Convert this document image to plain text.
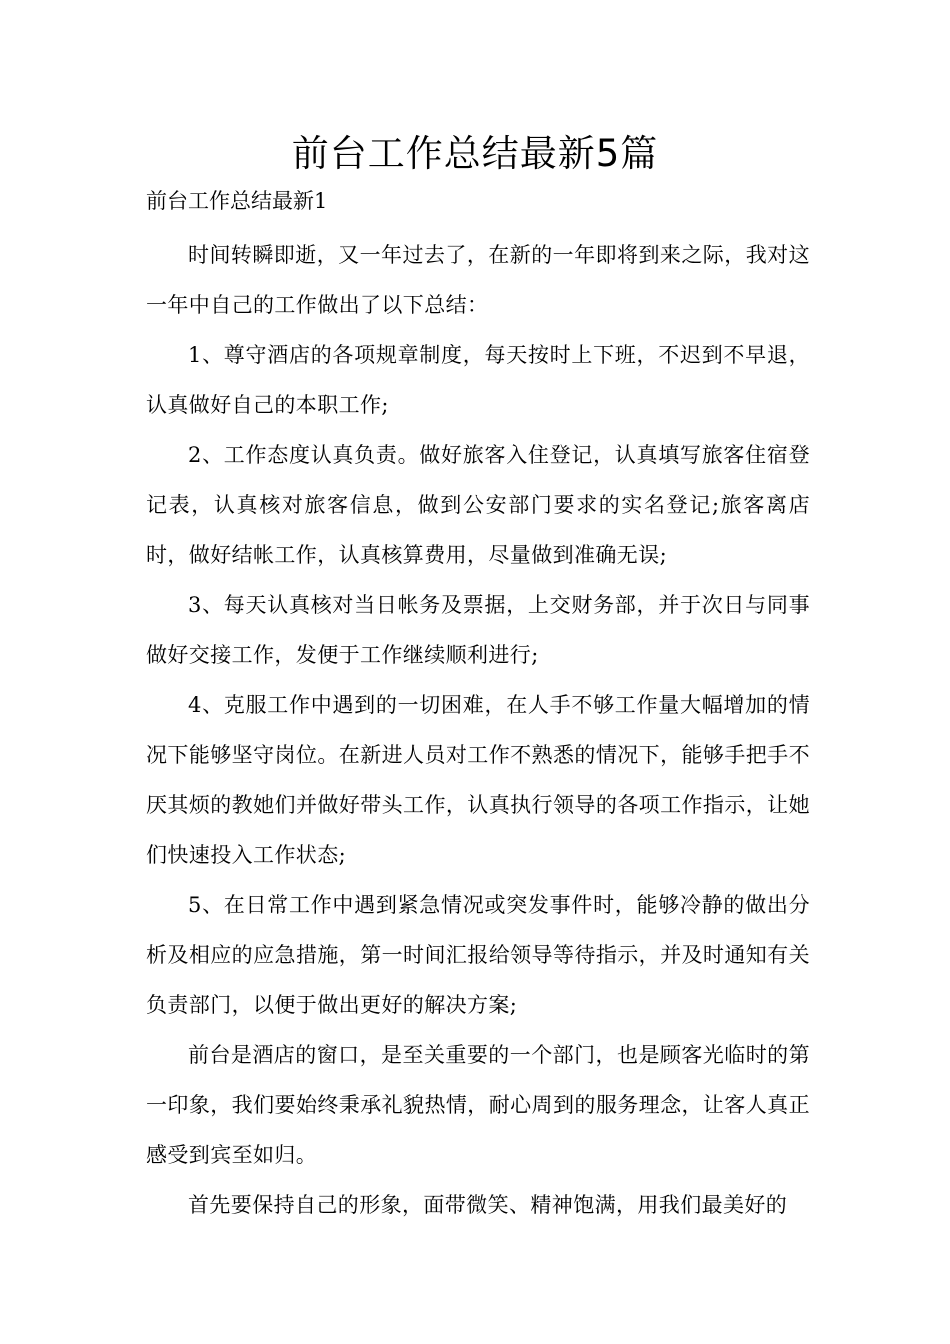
前台工作总结最新5篇

前台工作总结最新1

时间转瞬即逝，又一年过去了，在新的一年即将到来之际，我对这一年中自己的工作做出了以下总结：

1、尊守酒店的各项规章制度，每天按时上下班，不迟到不早退，认真做好自己的本职工作;

2、工作态度认真负责。做好旅客入住登记，认真填写旅客住宿登记表，认真核对旅客信息，做到公安部门要求的实名登记;旅客离店时，做好结帐工作，认真核算费用，尽量做到准确无误;

3、每天认真核对当日帐务及票据，上交财务部，并于次日与同事做好交接工作，发便于工作继续顺利进行;

4、克服工作中遇到的一切困难，在人手不够工作量大幅增加的情况下能够坚守岗位。在新进人员对工作不熟悉的情况下，能够手把手不厌其烦的教她们并做好带头工作，认真执行领导的各项工作指示，让她们快速投入工作状态;

5、在日常工作中遇到紧急情况或突发事件时，能够冷静的做出分析及相应的应急措施，第一时间汇报给领导等待指示，并及时通知有关负责部门，以便于做出更好的解决方案;

前台是酒店的窗口，是至关重要的一个部门，也是顾客光临时的第一印象，我们要始终秉承礼貌热情，耐心周到的服务理念，让客人真正感受到宾至如归。

首先要保持自己的形象，面带微笑、精神饱满，用我们最美好的
